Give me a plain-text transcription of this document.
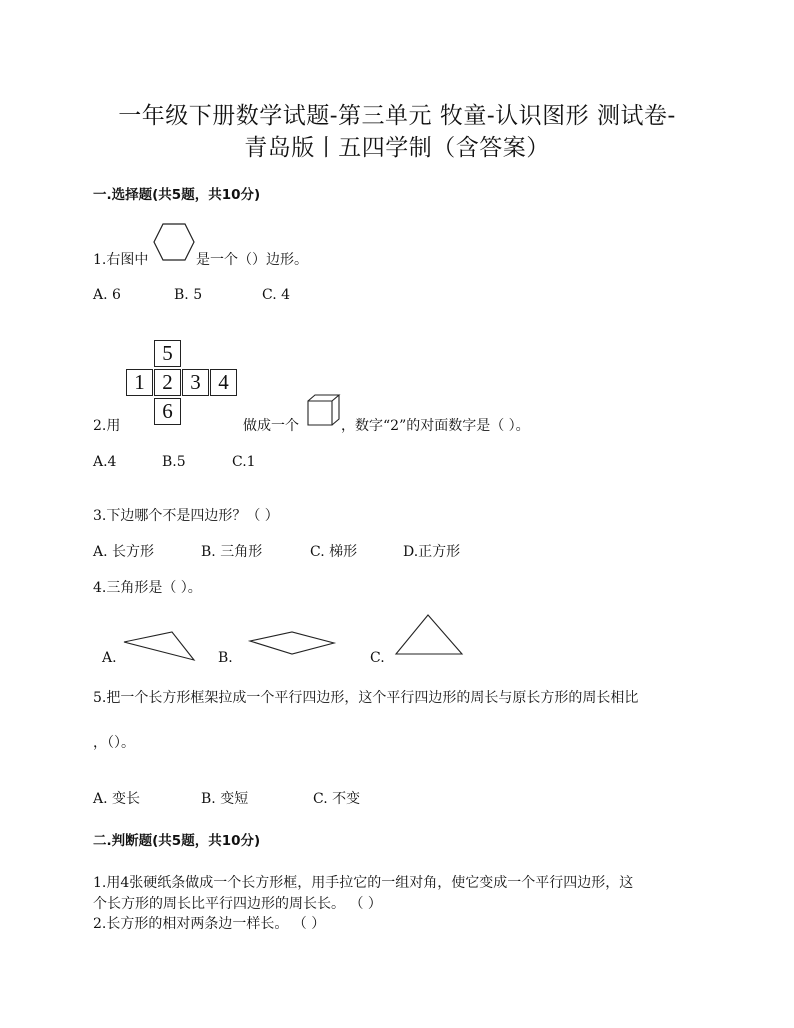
一年级下册数学试题-第三单元 牧童-认识图形 测试卷-
青岛版丨五四学制（含答案）
一.选择题(共5题，共10分)
1.右图中	是一个（）边形。
A. 6	B. 5	C. 4
5
1 2 3 4
6
2.用	做成一个	，数字“2”的对面数字是（ ）。
A.4	B.5	C.1
3.下边哪个不是四边形？（ ）
A. 长方形	B. 三角形	C. 梯形	D.正方形
4.三角形是（ ）。
A.	B.	C.
5.把一个长方形框架拉成一个平行四边形，这个平行四边形的周长与原长方形的周长相比
，（）。
A. 变长	B. 变短	C. 不变
二.判断题(共5题，共10分)
1.用4张硬纸条做成一个长方形框，用手拉它的一组对角，使它变成一个平行四边形，这
个长方形的周长比平行四边形的周长长。 （ ）
2.长方形的相对两条边一样长。 （ ）
